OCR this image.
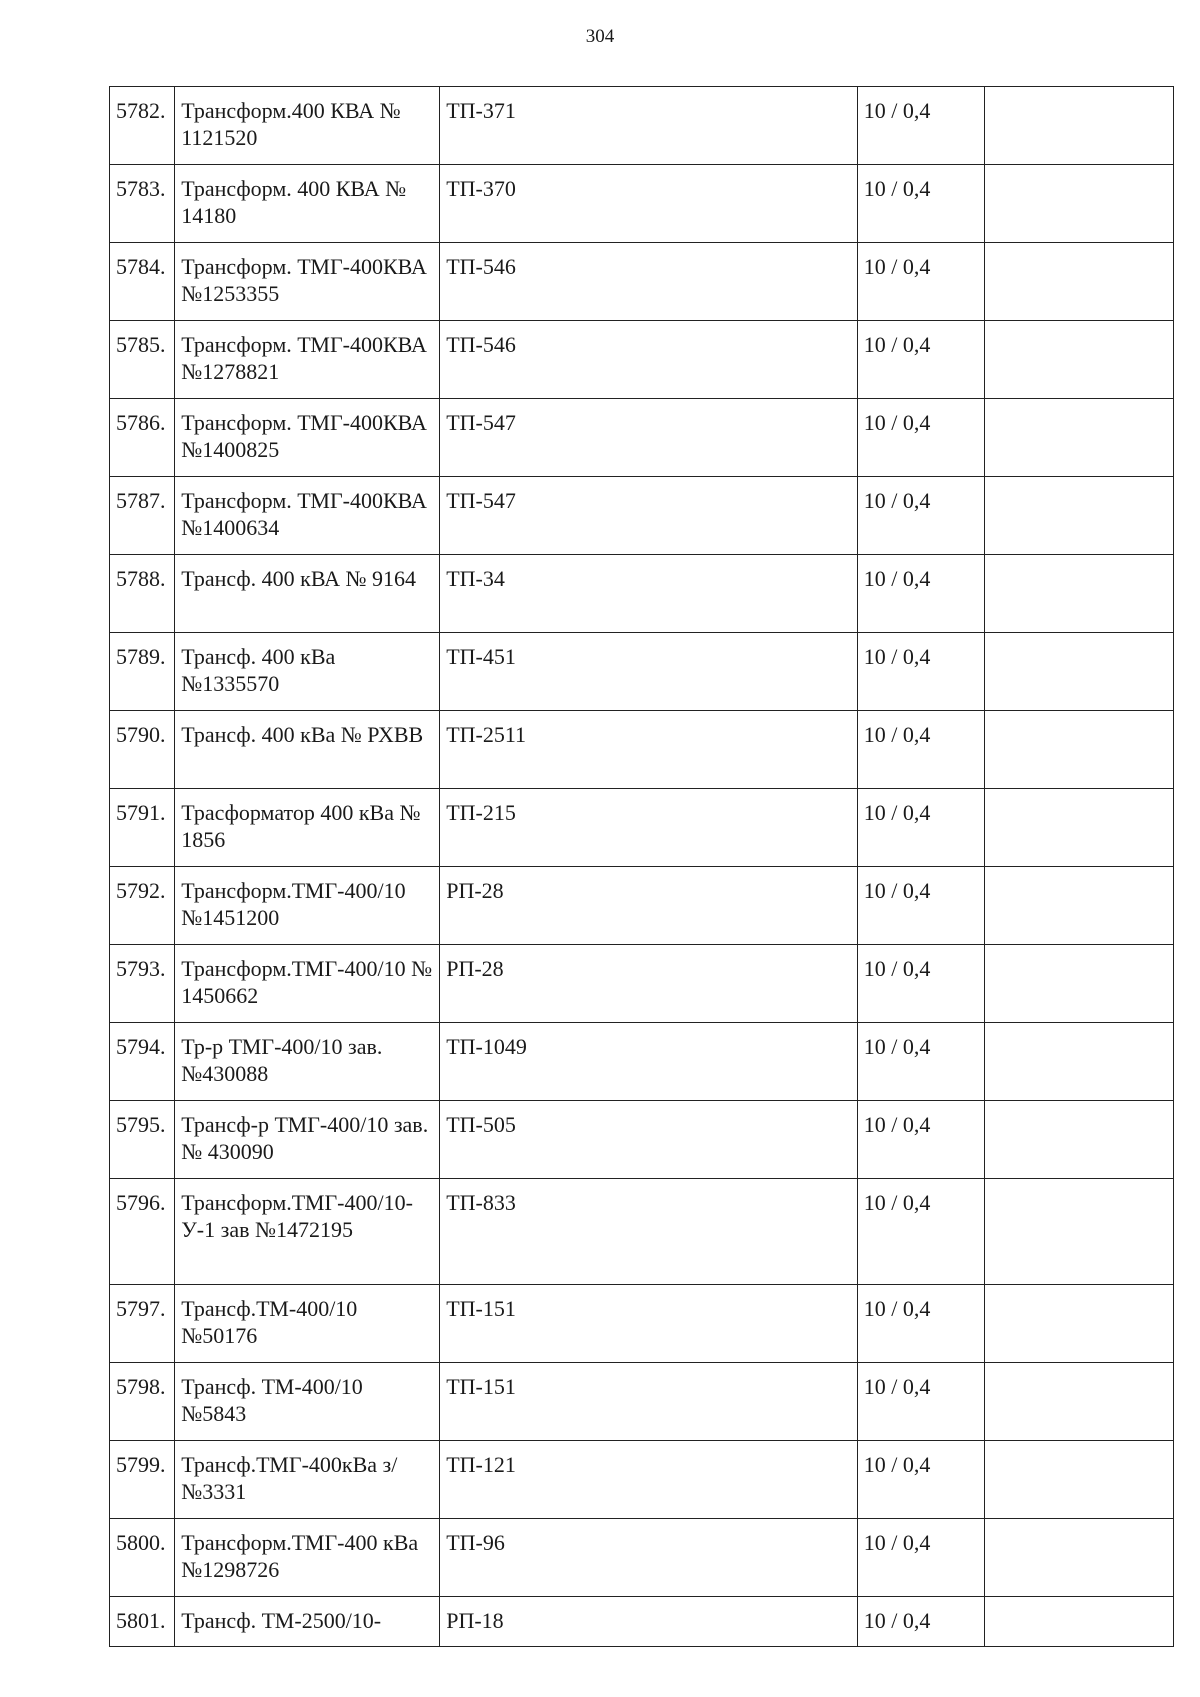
304
5782.	Трансформ.400 КВА № 1121520	ТП-371	10 / 0,4	
5783.	Трансформ. 400 КВА № 14180	ТП-370	10 / 0,4	
5784.	Трансформ. ТМГ-400КВА №1253355	ТП-546	10 / 0,4	
5785.	Трансформ. ТМГ-400КВА №1278821	ТП-546	10 / 0,4	
5786.	Трансформ. ТМГ-400КВА №1400825	ТП-547	10 / 0,4	
5787.	Трансформ. ТМГ-400КВА №1400634	ТП-547	10 / 0,4	
5788.	Трансф. 400 кВА № 9164	ТП-34	10 / 0,4	
5789.	Трансф. 400 кВа №1335570	ТП-451	10 / 0,4	
5790.	Трансф. 400 кВа № РХВВ	ТП-2511	10 / 0,4	
5791.	Трасформатор 400 кВа № 1856	ТП-215	10 / 0,4	
5792.	Трансформ.ТМГ-400/10 №1451200	РП-28	10 / 0,4	
5793.	Трансформ.ТМГ-400/10 № 1450662	РП-28	10 / 0,4	
5794.	Тр-р ТМГ-400/10 зав.№430088	ТП-1049	10 / 0,4	
5795.	Трансф-р ТМГ-400/10 зав.№ 430090	ТП-505	10 / 0,4	
5796.	Трансформ.ТМГ-400/10-У-1 зав №1472195	ТП-833	10 / 0,4	
5797.	Трансф.ТМ-400/10 №50176	ТП-151	10 / 0,4	
5798.	Трансф. ТМ-400/10 №5843	ТП-151	10 / 0,4	
5799.	Трансф.ТМГ-400кВа з/№3331	ТП-121	10 / 0,4	
5800.	Трансформ.ТМГ-400 кВа №1298726	ТП-96	10 / 0,4	
5801.	Трансф. ТМ-2500/10-	РП-18	10 / 0,4	
